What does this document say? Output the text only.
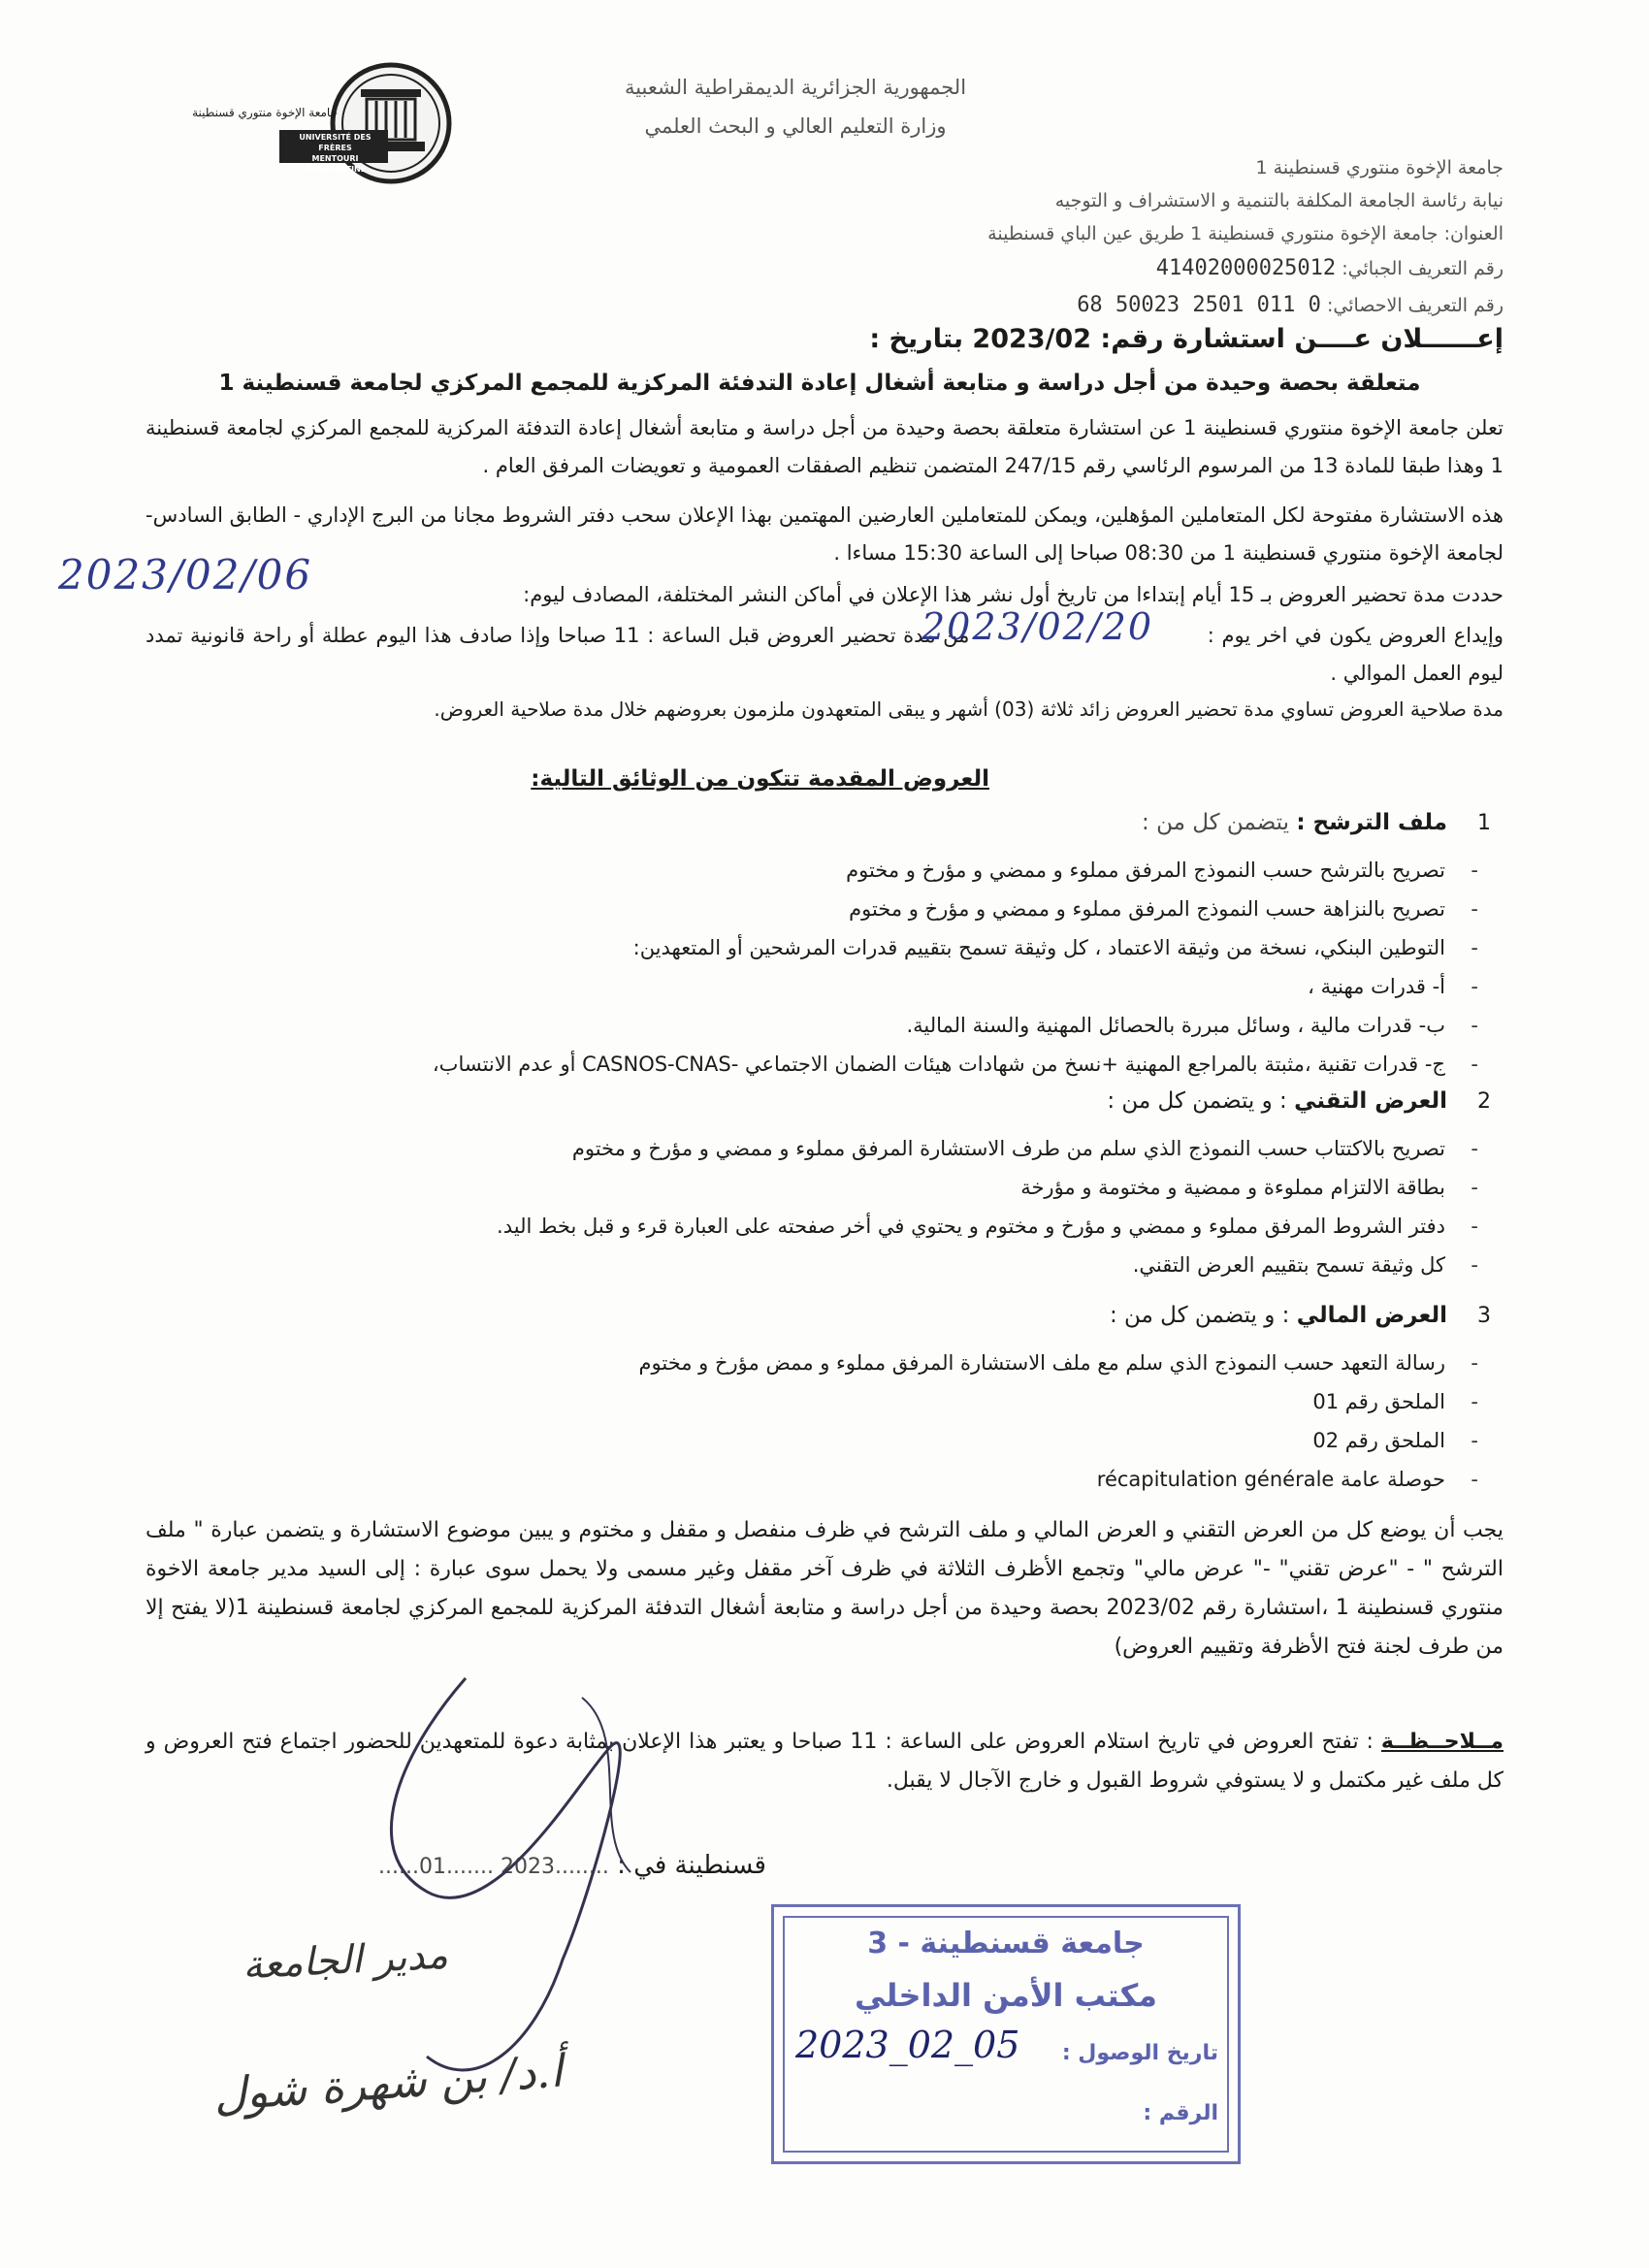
جامعة الإخوة منتوري قسنطينة
UNIVERSITÉ DES FRÈRES
MENTOURI CONSTANTINE
الجمهورية الجزائرية الديمقراطية الشعبية
وزارة التعليم العالي و البحث العلمي
جامعة الإخوة منتوري قسنطينة 1
نيابة رئاسة الجامعة المكلفة بالتنمية و الاستشراف و التوجيه
العنوان: جامعة الإخوة منتوري قسنطينة 1 طريق عين الباي قسنطينة
رقم التعريف الجبائي: 41402000025012
رقم التعريف الاحصائي: 0 011 2501 50023 68
إعــــــلان عــــن استشارة رقم: 2023/02 بتاريخ :
متعلقة بحصة وحيدة من أجل دراسة و متابعة أشغال إعادة التدفئة المركزية للمجمع المركزي لجامعة قسنطينة 1

تعلن جامعة الإخوة منتوري قسنطينة 1 عن استشارة متعلقة بحصة وحيدة من أجل دراسة و متابعة أشغال إعادة التدفئة المركزية للمجمع المركزي لجامعة قسنطينة 1 وهذا طبقا للمادة 13 من المرسوم الرئاسي رقم 247/15 المتضمن تنظيم الصفقات العمومية و تعويضات المرفق العام .

هذه الاستشارة مفتوحة لكل المتعاملين المؤهلين، ويمكن للمتعاملين العارضين المهتمين بهذا الإعلان سحب دفتر الشروط مجانا من البرج الإداري - الطابق السادس- لجامعة الإخوة منتوري قسنطينة 1 من 08:30 صباحا إلى الساعة 15:30 مساءا .

حددت مدة تحضير العروض بـ 15 أيام إبتداءا من تاريخ أول نشر هذا الإعلان في أماكن النشر المختلفة، المصادف ليوم:

2023/02/06

وإيداع العروض يكون في اخر يوم :  من مدة تحضير العروض قبل الساعة : 11 صباحا وإذا صادف هذا اليوم عطلة أو راحة قانونية تمدد ليوم العمل الموالي .

2023/02/20

مدة صلاحية العروض تساوي مدة تحضير العروض زائد ثلاثة (03) أشهر و يبقى المتعهدون ملزمون بعروضهم خلال مدة صلاحية العروض.

العروض المقدمة تتكون من الوثائق التالية:
1
ملف الترشح : يتضمن كل من :
- تصريح بالترشح حسب النموذج المرفق مملوء و ممضي و مؤرخ و مختوم
- تصريح بالنزاهة حسب النموذج المرفق مملوء و ممضي و مؤرخ و مختوم
- التوطين البنكي، نسخة من وثيقة الاعتماد ، كل وثيقة تسمح بتقييم قدرات المرشحين أو المتعهدين:
- أ- قدرات مهنية ،
- ب- قدرات مالية ، وسائل مبررة بالحصائل المهنية والسنة المالية.
- ج- قدرات تقنية ،مثبتة بالمراجع المهنية +نسخ من شهادات هيئات الضمان الاجتماعي -CASNOS-CNAS أو عدم الانتساب،
2
العرض التقني : و يتضمن كل من :
- تصريح بالاكتتاب حسب النموذج الذي سلم من طرف الاستشارة المرفق مملوء و ممضي و مؤرخ و مختوم
- بطاقة الالتزام مملوءة و ممضية و مختومة و مؤرخة
- دفتر الشروط المرفق مملوء و ممضي و مؤرخ و مختوم و يحتوي في أخر صفحته على العبارة قرء و قبل بخط اليد.
- كل وثيقة تسمح بتقييم العرض التقني.
3
العرض المالي : و يتضمن كل من :
- رسالة التعهد حسب النموذج الذي سلم مع ملف الاستشارة المرفق مملوء و ممض مؤرخ و مختوم
- الملحق رقم 01
- الملحق رقم 02
- حوصلة عامة récapitulation générale

يجب أن يوضع كل من العرض التقني و العرض المالي و ملف الترشح في ظرف منفصل و مقفل و مختوم و يبين موضوع الاستشارة و يتضمن عبارة " ملف الترشح " - "عرض تقني" -" عرض مالي" وتجمع الأظرف الثلاثة في ظرف آخر مقفل وغير مسمى ولا يحمل سوى عبارة : إلى السيد مدير جامعة الاخوة منتوري قسنطينة 1 ،استشارة رقم 2023/02 بحصة وحيدة من أجل دراسة و متابعة أشغال التدفئة المركزية للمجمع المركزي لجامعة قسنطينة 1(لا يفتح إلا من طرف لجنة فتح الأظرفة وتقييم العروض)

مــلاحــظــة : تفتح العروض في تاريخ استلام العروض على الساعة : 11 صباحا و يعتبر هذا الإعلان بمثابة دعوة للمتعهدين للحضور اجتماع فتح العروض و كل ملف غير مكتمل و لا يستوفي شروط القبول و خارج الآجال لا يقبل.

قسنطينة في : ........2023 .......01......
مدير الجامعة
أ.د/ بن شهرة شول
جامعة قسنطينة - 3
مكتب الأمن الداخلي
تاريخ الوصول :
الرقم :
2023_02_05
